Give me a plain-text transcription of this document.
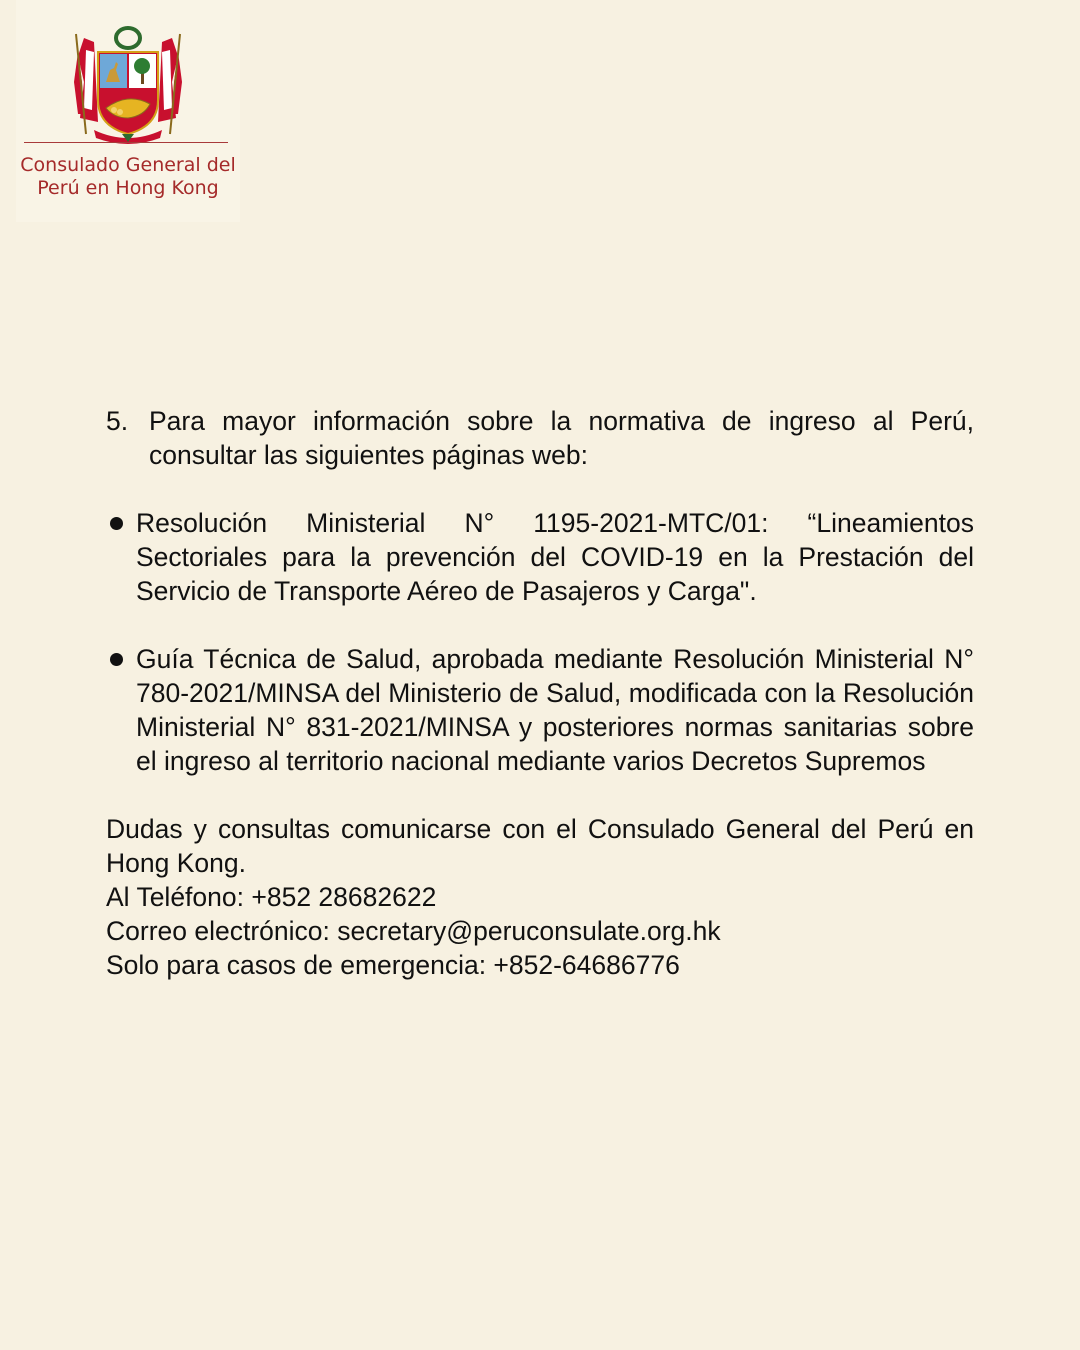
Consulado General del
Perú en Hong Kong
5. Para mayor información sobre la normativa de ingreso al Perú, consultar las siguientes páginas web:
Resolución Ministerial N° 1195-2021-MTC/01: “Lineamientos Sectoriales para la prevención del COVID-19 en la Prestación del Servicio de Transporte Aéreo de Pasajeros y Carga".
Guía Técnica de Salud, aprobada mediante Resolución Ministerial N° 780-2021/MINSA del Ministerio de Salud, modificada con la Resolución Ministerial N° 831-2021/MINSA y posteriores normas sanitarias sobre el ingreso al territorio nacional mediante varios Decretos Supremos

Dudas y consultas comunicarse con el Consulado General del Perú en Hong Kong.

Al Teléfono: +852 28682622

Correo electrónico: secretary@peruconsulate.org.hk

Solo para casos de emergencia: +852-64686776
